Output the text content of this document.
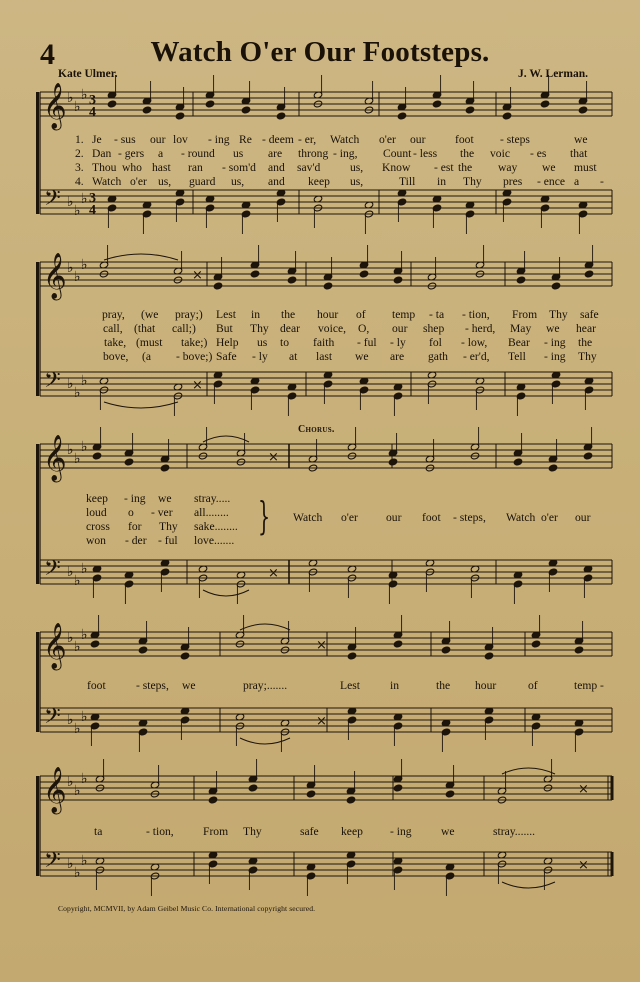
4	Watch O'er Our Footsteps.
Kate Ulmer.	J. W. Lerman.
𝄞
𝄢
♭
♭
♭
♭
♭
♭
3
4
3
4
𝄞
𝄢
♭
♭
♭
♭
♭
♭
×
×
𝄞
𝄢
♭
♭
♭
♭
♭
♭
×
×
𝄞
𝄢
♭
♭
♭
♭
♭
♭
×
×
𝄞
𝄢
♭
♭
♭
♭
♭
♭
×
×
Chorus.
1. Je - sus our lov - ing Re - deem - er, Watch o'er our	foot - steps	we
2. Dan - gers a - round us are throng - ing, Count - less the voic - es that
3. Thou who hast ran - som'd and sav'd	us, Know - est the way we must
4. Watch o'er us, guard us, and keep us,	Till in Thy pres - ence a -
pray, (we pray;) Lest in the hour of temp - ta - tion, From Thy safe
call, (that call;) But Thy dear voice, O, our shep - herd, May we hear
take, (must take;) Help us to faith - ful - ly fol - low, Bear - ing the
bove, (a - bove;) Safe - ly at last we are gath - er'd, Tell - ing Thy
keep - ing we stray.....
loud o - ver all........
cross for Thy sake........
won - der - ful love.......
Watch o'er our foot - steps, Watch o'er our
foot	- steps, we	pray;.......	Lest	in	the hour	of	temp -
ta	- tion,	From Thy	safe keep - ing	we	stray.......
}
Copyright, MCMVII, by Adam Geibel Music Co. International copyright secured.
